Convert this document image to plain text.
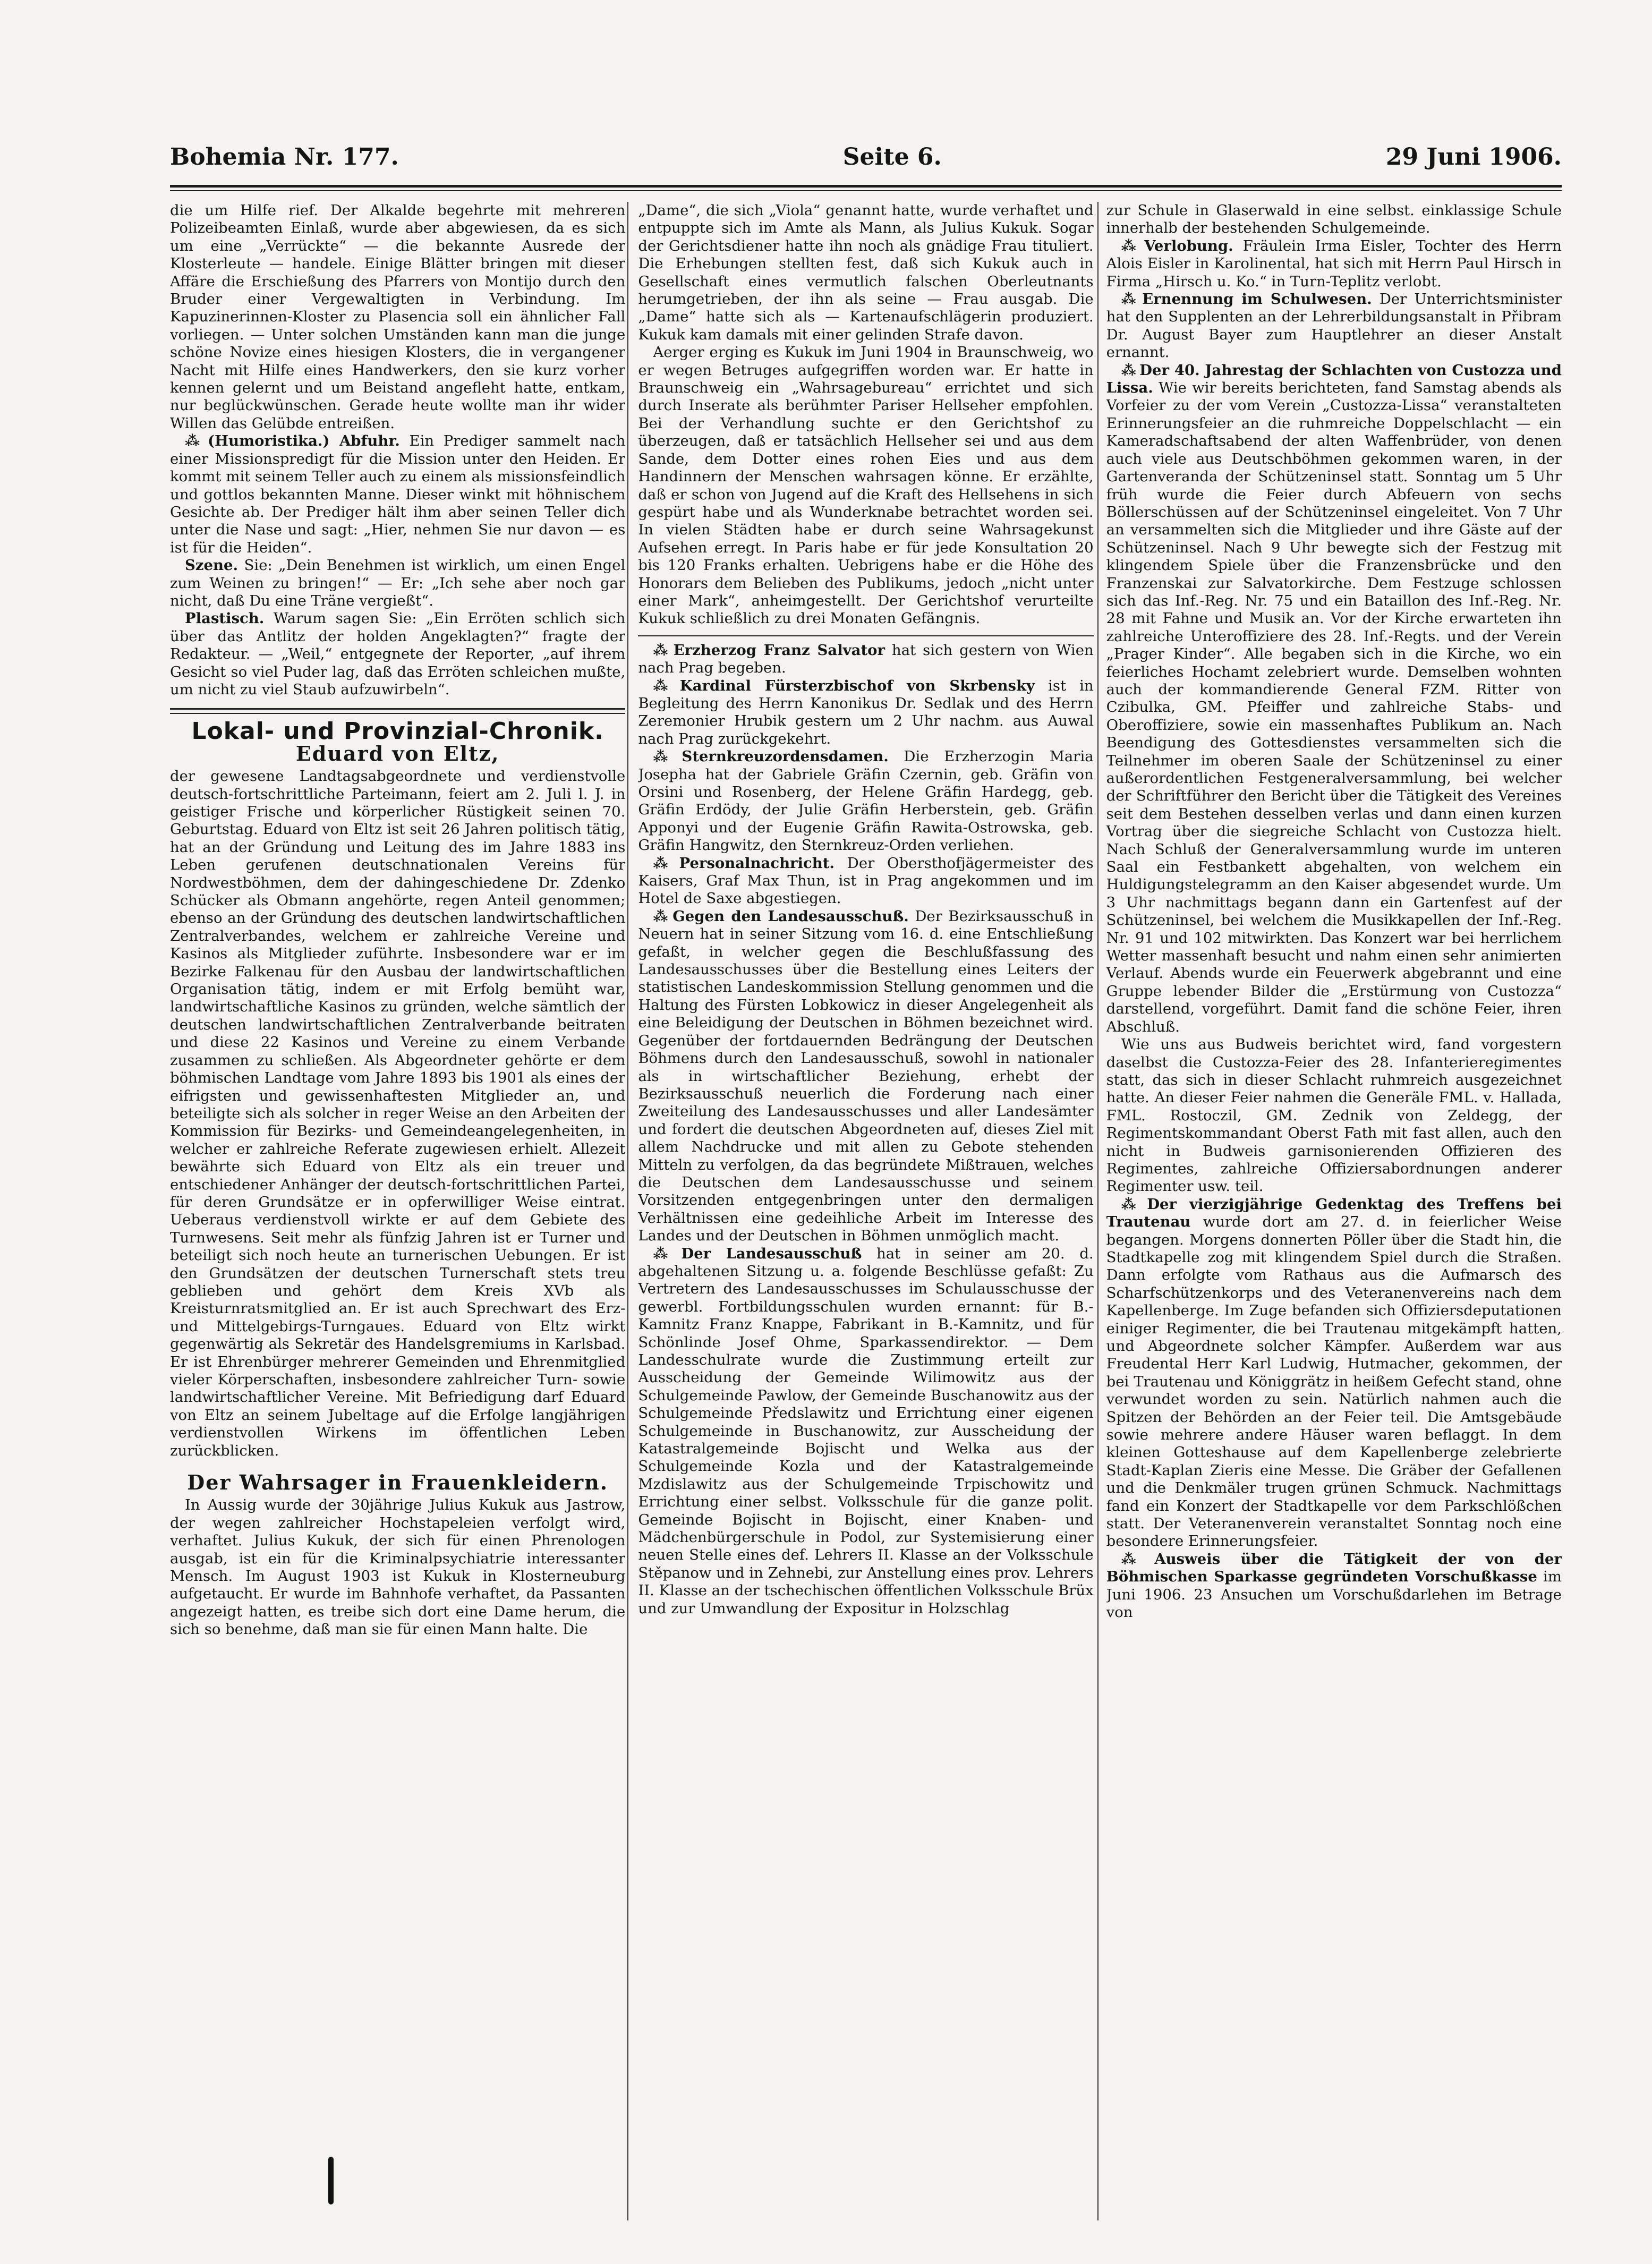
Bohemia Nr. 177.	Seite 6.	29 Juni 1906.

die um Hilfe rief. Der Alkalde begehrte mit mehreren Polizeibeamten Einlaß, wurde aber abgewiesen, da es sich um eine „Verrückte“ — die bekannte Ausrede der Klosterleute — handele. Einige Blätter bringen mit dieser Affäre die Erschießung des Pfarrers von Montijo durch den Bruder einer Vergewaltigten in Verbindung. Im Kapuzinerinnen-Kloster zu Plasencia soll ein ähnlicher Fall vorliegen. — Unter solchen Umständen kann man die junge schöne Novize eines hiesigen Klosters, die in vergangener Nacht mit Hilfe eines Handwerkers, den sie kurz vorher kennen gelernt und um Beistand angefleht hatte, entkam, nur beglückwünschen. Gerade heute wollte man ihr wider Willen das Gelübde entreißen.

⁂ (Humoristika.) Abfuhr. Ein Prediger sammelt nach einer Missionspredigt für die Mission unter den Heiden. Er kommt mit seinem Teller auch zu einem als missionsfeindlich und gottlos bekannten Manne. Dieser winkt mit höhnischem Gesichte ab. Der Prediger hält ihm aber seinen Teller dich unter die Nase und sagt: „Hier, nehmen Sie nur davon — es ist für die Heiden“.

Szene. Sie: „Dein Benehmen ist wirklich, um einen Engel zum Weinen zu bringen!“ — Er: „Ich sehe aber noch gar nicht, daß Du eine Träne vergießt“.

Plastisch. Warum sagen Sie: „Ein Erröten schlich sich über das Antlitz der holden Angeklagten?“ fragte der Redakteur. — „Weil,“ entgegnete der Reporter, „auf ihrem Gesicht so viel Puder lag, daß das Erröten schleichen mußte, um nicht zu viel Staub aufzuwirbeln“.

Lokal- und Provinzial-Chronik.
Eduard von Eltz,

der gewesene Landtagsabgeordnete und verdienstvolle deutsch-fortschrittliche Parteimann, feiert am 2. Juli l. J. in geistiger Frische und körperlicher Rüstigkeit seinen 70. Geburtstag. Eduard von Eltz ist seit 26 Jahren politisch tätig, hat an der Gründung und Leitung des im Jahre 1883 ins Leben gerufenen deutschnationalen Vereins für Nordwestböhmen, dem der dahingeschiedene Dr. Zdenko Schücker als Obmann angehörte, regen Anteil genommen; ebenso an der Gründung des deutschen landwirtschaftlichen Zentralverbandes, welchem er zahlreiche Vereine und Kasinos als Mitglieder zuführte. Insbesondere war er im Bezirke Falkenau für den Ausbau der landwirtschaftlichen Organisation tätig, indem er mit Erfolg bemüht war, landwirtschaftliche Kasinos zu gründen, welche sämtlich der deutschen landwirtschaftlichen Zentralverbande beitraten und diese 22 Kasinos und Vereine zu einem Verbande zusammen zu schließen. Als Abgeordneter gehörte er dem böhmischen Landtage vom Jahre 1893 bis 1901 als eines der eifrigsten und gewissenhaftesten Mitglieder an, und beteiligte sich als solcher in reger Weise an den Arbeiten der Kommission für Bezirks- und Gemeindeangelegenheiten, in welcher er zahlreiche Referate zugewiesen erhielt. Allezeit bewährte sich Eduard von Eltz als ein treuer und entschiedener Anhänger der deutsch-fortschrittlichen Partei, für deren Grundsätze er in opferwilliger Weise eintrat. Ueberaus verdienstvoll wirkte er auf dem Gebiete des Turnwesens. Seit mehr als fünfzig Jahren ist er Turner und beteiligt sich noch heute an turnerischen Uebungen. Er ist den Grundsätzen der deutschen Turnerschaft stets treu geblieben und gehört dem Kreis XVb als Kreisturnratsmitglied an. Er ist auch Sprechwart des Erz- und Mittelgebirgs-Turngaues. Eduard von Eltz wirkt gegenwärtig als Sekretär des Handelsgremiums in Karlsbad. Er ist Ehrenbürger mehrerer Gemeinden und Ehrenmitglied vieler Körperschaften, insbesondere zahlreicher Turn- sowie landwirtschaftlicher Vereine. Mit Befriedigung darf Eduard von Eltz an seinem Jubeltage auf die Erfolge langjährigen verdienstvollen Wirkens im öffentlichen Leben zurückblicken.

Der Wahrsager in Frauenkleidern.

In Aussig wurde der 30jährige Julius Kukuk aus Jastrow, der wegen zahlreicher Hochstapeleien verfolgt wird, verhaftet. Julius Kukuk, der sich für einen Phrenologen ausgab, ist ein für die Kriminalpsychiatrie interessanter Mensch. Im August 1903 ist Kukuk in Klosterneuburg aufgetaucht. Er wurde im Bahnhofe verhaftet, da Passanten angezeigt hatten, es treibe sich dort eine Dame herum, die sich so benehme, daß man sie für einen Mann halte. Die

„Dame“, die sich „Viola“ genannt hatte, wurde verhaftet und entpuppte sich im Amte als Mann, als Julius Kukuk. Sogar der Gerichtsdiener hatte ihn noch als gnädige Frau tituliert. Die Erhebungen stellten fest, daß sich Kukuk auch in Gesellschaft eines vermutlich falschen Oberleutnants herumgetrieben, der ihn als seine — Frau ausgab. Die „Dame“ hatte sich als — Kartenaufschlägerin produziert. Kukuk kam damals mit einer gelinden Strafe davon.

Aerger erging es Kukuk im Juni 1904 in Braunschweig, wo er wegen Betruges aufgegriffen worden war. Er hatte in Braunschweig ein „Wahrsagebureau“ errichtet und sich durch Inserate als berühmter Pariser Hellseher empfohlen. Bei der Verhandlung suchte er den Gerichtshof zu überzeugen, daß er tatsächlich Hellseher sei und aus dem Sande, dem Dotter eines rohen Eies und aus dem Handinnern der Menschen wahrsagen könne. Er erzählte, daß er schon von Jugend auf die Kraft des Hellsehens in sich gespürt habe und als Wunderknabe betrachtet worden sei. In vielen Städten habe er durch seine Wahrsagekunst Aufsehen erregt. In Paris habe er für jede Konsultation 20 bis 120 Franks erhalten. Uebrigens habe er die Höhe des Honorars dem Belieben des Publikums, jedoch „nicht unter einer Mark“, anheimgestellt. Der Gerichtshof verurteilte Kukuk schließlich zu drei Monaten Gefängnis.

⁂ Erzherzog Franz Salvator hat sich gestern von Wien nach Prag begeben.

⁂ Kardinal Fürsterzbischof von Skrbensky ist in Begleitung des Herrn Kanonikus Dr. Sedlak und des Herrn Zeremonier Hrubik gestern um 2 Uhr nachm. aus Auwal nach Prag zurückgekehrt.

⁂ Sternkreuzordensdamen. Die Erzherzogin Maria Josepha hat der Gabriele Gräfin Czernin, geb. Gräfin von Orsini und Rosenberg, der Helene Gräfin Hardegg, geb. Gräfin Erdödy, der Julie Gräfin Herberstein, geb. Gräfin Apponyi und der Eugenie Gräfin Rawita-Ostrowska, geb. Gräfin Hangwitz, den Sternkreuz-Orden verliehen.

⁂ Personalnachricht. Der Obersthofjägermeister des Kaisers, Graf Max Thun, ist in Prag angekommen und im Hotel de Saxe abgestiegen.

⁂ Gegen den Landesausschuß. Der Bezirksausschuß in Neuern hat in seiner Sitzung vom 16. d. eine Entschließung gefaßt, in welcher gegen die Beschlußfassung des Landesausschusses über die Bestellung eines Leiters der statistischen Landeskommission Stellung genommen und die Haltung des Fürsten Lobkowicz in dieser Angelegenheit als eine Beleidigung der Deutschen in Böhmen bezeichnet wird. Gegenüber der fortdauernden Bedrängung der Deutschen Böhmens durch den Landesausschuß, sowohl in nationaler als in wirtschaftlicher Beziehung, erhebt der Bezirksausschuß neuerlich die Forderung nach einer Zweiteilung des Landesausschusses und aller Landesämter und fordert die deutschen Abgeordneten auf, dieses Ziel mit allem Nachdrucke und mit allen zu Gebote stehenden Mitteln zu verfolgen, da das begründete Mißtrauen, welches die Deutschen dem Landesausschusse und seinem Vorsitzenden entgegenbringen unter den dermaligen Verhältnissen eine gedeihliche Arbeit im Interesse des Landes und der Deutschen in Böhmen unmöglich macht.

⁂ Der Landesausschuß hat in seiner am 20. d. abgehaltenen Sitzung u. a. folgende Beschlüsse gefaßt: Zu Vertretern des Landesausschusses im Schulausschusse der gewerbl. Fortbildungsschulen wurden ernannt: für B.-Kamnitz Franz Knappe, Fabrikant in B.-Kamnitz, und für Schönlinde Josef Ohme, Sparkassendirektor. — Dem Landesschulrate wurde die Zustimmung erteilt zur Ausscheidung der Gemeinde Wilimowitz aus der Schulgemeinde Pawlow, der Gemeinde Buschanowitz aus der Schulgemeinde Předslawitz und Errichtung einer eigenen Schulgemeinde in Buschanowitz, zur Ausscheidung der Katastralgemeinde Bojischt und Welka aus der Schulgemeinde Kozla und der Katastralgemeinde Mzdislawitz aus der Schulgemeinde Trpischowitz und Errichtung einer selbst. Volksschule für die ganze polit. Gemeinde Bojischt in Bojischt, einer Knaben- und Mädchenbürgerschule in Podol, zur Systemisierung einer neuen Stelle eines def. Lehrers II. Klasse an der Volksschule Stěpanow und in Zehnebi, zur Anstellung eines prov. Lehrers II. Klasse an der tschechischen öffentlichen Volksschule Brüx und zur Umwandlung der Expositur in Holzschlag

zur Schule in Glaserwald in eine selbst. einklassige Schule innerhalb der bestehenden Schulgemeinde.

⁂ Verlobung. Fräulein Irma Eisler, Tochter des Herrn Alois Eisler in Karolinental, hat sich mit Herrn Paul Hirsch in Firma „Hirsch u. Ko.“ in Turn-Teplitz verlobt.

⁂ Ernennung im Schulwesen. Der Unterrichtsminister hat den Supplenten an der Lehrerbildungsanstalt in Přibram Dr. August Bayer zum Hauptlehrer an dieser Anstalt ernannt.

⁂ Der 40. Jahrestag der Schlachten von Custozza und Lissa. Wie wir bereits berichteten, fand Samstag abends als Vorfeier zu der vom Verein „Custozza-Lissa“ veranstalteten Erinnerungsfeier an die ruhmreiche Doppelschlacht — ein Kameradschaftsabend der alten Waffenbrüder, von denen auch viele aus Deutschböhmen gekommen waren, in der Gartenveranda der Schützeninsel statt. Sonntag um 5 Uhr früh wurde die Feier durch Abfeuern von sechs Böllerschüssen auf der Schützeninsel eingeleitet. Von 7 Uhr an versammelten sich die Mitglieder und ihre Gäste auf der Schützeninsel. Nach 9 Uhr bewegte sich der Festzug mit klingendem Spiele über die Franzensbrücke und den Franzenskai zur Salvatorkirche. Dem Festzuge schlossen sich das Inf.-Reg. Nr. 75 und ein Bataillon des Inf.-Reg. Nr. 28 mit Fahne und Musik an. Vor der Kirche erwarteten ihn zahlreiche Unteroffiziere des 28. Inf.-Regts. und der Verein „Prager Kinder“. Alle begaben sich in die Kirche, wo ein feierliches Hochamt zelebriert wurde. Demselben wohnten auch der kommandierende General FZM. Ritter von Czibulka, GM. Pfeiffer und zahlreiche Stabs- und Oberoffiziere, sowie ein massenhaftes Publikum an. Nach Beendigung des Gottesdienstes versammelten sich die Teilnehmer im oberen Saale der Schützeninsel zu einer außerordentlichen Festgeneralversammlung, bei welcher der Schriftführer den Bericht über die Tätigkeit des Vereines seit dem Bestehen desselben verlas und dann einen kurzen Vortrag über die siegreiche Schlacht von Custozza hielt. Nach Schluß der Generalversammlung wurde im unteren Saal ein Festbankett abgehalten, von welchem ein Huldigungstelegramm an den Kaiser abgesendet wurde. Um 3 Uhr nachmittags begann dann ein Gartenfest auf der Schützeninsel, bei welchem die Musikkapellen der Inf.-Reg. Nr. 91 und 102 mitwirkten. Das Konzert war bei herrlichem Wetter massenhaft besucht und nahm einen sehr animierten Verlauf. Abends wurde ein Feuerwerk abgebrannt und eine Gruppe lebender Bilder die „Erstürmung von Custozza“ darstellend, vorgeführt. Damit fand die schöne Feier, ihren Abschluß.

Wie uns aus Budweis berichtet wird, fand vorgestern daselbst die Custozza-Feier des 28. Infanterieregimentes statt, das sich in dieser Schlacht ruhmreich ausgezeichnet hatte. An dieser Feier nahmen die Generäle FML. v. Hallada, FML. Rostoczil, GM. Zednik von Zeldegg, der Regimentskommandant Oberst Fath mit fast allen, auch den nicht in Budweis garnisonierenden Offizieren des Regimentes, zahlreiche Offiziersabordnungen anderer Regimenter usw. teil.

⁂ Der vierzigjährige Gedenktag des Treffens bei Trautenau wurde dort am 27. d. in feierlicher Weise begangen. Morgens donnerten Pöller über die Stadt hin, die Stadtkapelle zog mit klingendem Spiel durch die Straßen. Dann erfolgte vom Rathaus aus die Aufmarsch des Scharfschützenkorps und des Veteranenvereins nach dem Kapellenberge. Im Zuge befanden sich Offiziersdeputationen einiger Regimenter, die bei Trautenau mitgekämpft hatten, und Abgeordnete solcher Kämpfer. Außerdem war aus Freudental Herr Karl Ludwig, Hutmacher, gekommen, der bei Trautenau und Königgrätz in heißem Gefecht stand, ohne verwundet worden zu sein. Natürlich nahmen auch die Spitzen der Behörden an der Feier teil. Die Amtsgebäude sowie mehrere andere Häuser waren beflaggt. In dem kleinen Gotteshause auf dem Kapellenberge zelebrierte Stadt-Kaplan Zieris eine Messe. Die Gräber der Gefallenen und die Denkmäler trugen grünen Schmuck. Nachmittags fand ein Konzert der Stadtkapelle vor dem Parkschlößchen statt. Der Veteranenverein veranstaltet Sonntag noch eine besondere Erinnerungsfeier.

⁂ Ausweis über die Tätigkeit der von der Böhmischen Sparkasse gegründeten Vorschußkasse im Juni 1906. 23 Ansuchen um Vorschußdarlehen im Betrage von
